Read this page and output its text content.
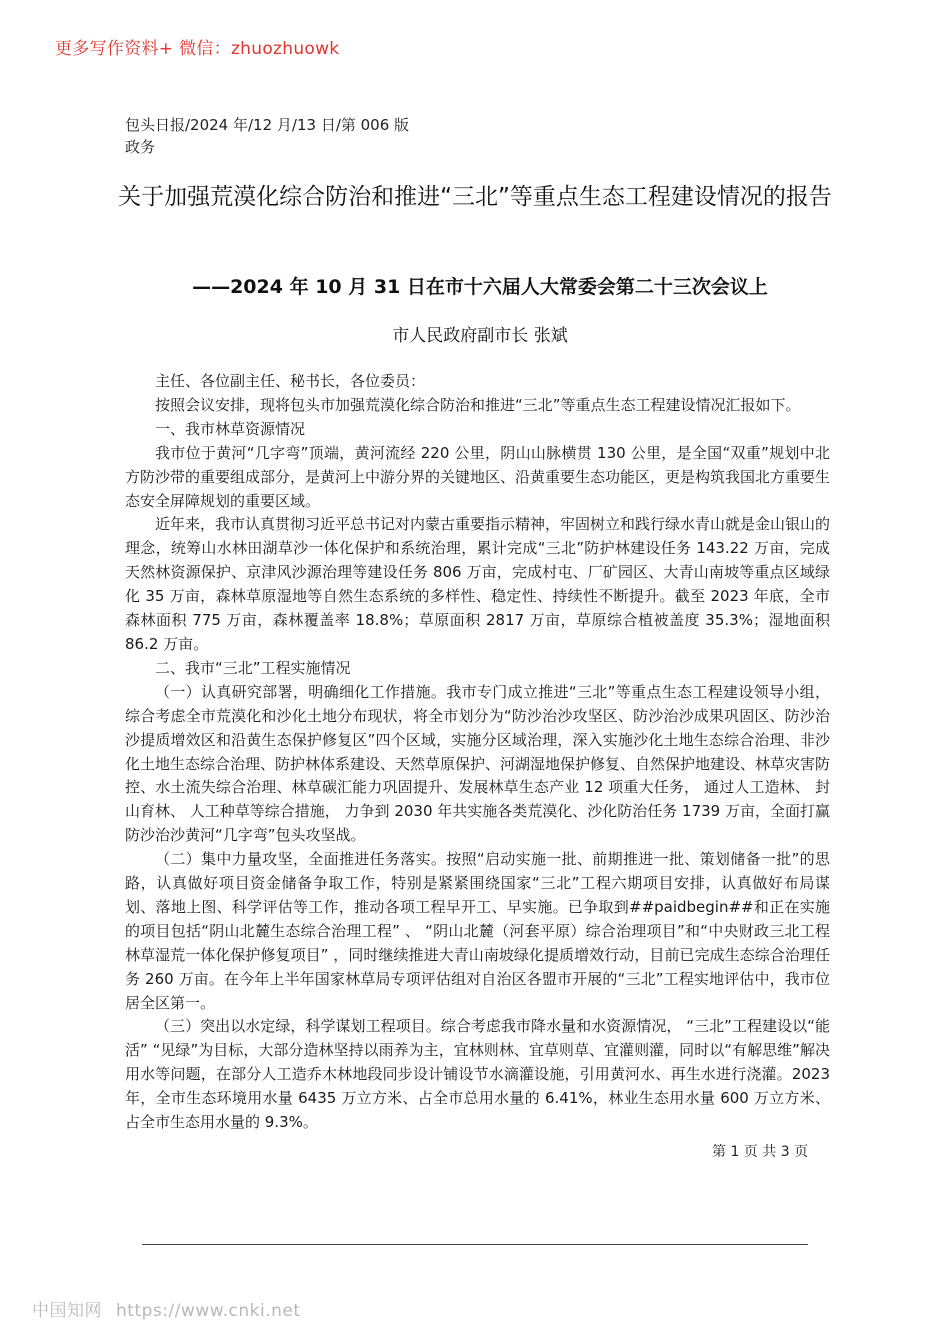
更多写作资料+ 微信：zhuozhuowk
包头日报/2024 年/12 月/13 日/第 006 版政务
关于加强荒漠化综合防治和推进“三北”等重点生态工程建设情况的报告
——2024 年 10 月 31 日在市十六届人大常委会第二十三次会议上
市人民政府副市长 张斌

主任、各位副主任、秘书长，各位委员：

按照会议安排，现将包头市加强荒漠化综合防治和推进“三北”等重点生态工程建设情况汇报如下。

一、我市林草资源情况

我市位于黄河“几字弯”顶端，黄河流经 220 公里，阴山山脉横贯 130 公里，是全国“双重”规划中北方防沙带的重要组成部分，是黄河上中游分界的关键地区、沿黄重要生态功能区，更是构筑我国北方重要生态安全屏障规划的重要区域。

近年来，我市认真贯彻习近平总书记对内蒙古重要指示精神，牢固树立和践行绿水青山就是金山银山的理念，统筹山水林田湖草沙一体化保护和系统治理，累计完成“三北”防护林建设任务 143.22 万亩，完成天然林资源保护、京津风沙源治理等建设任务 806 万亩，完成村屯、厂矿园区、大青山南坡等重点区域绿化 35 万亩，森林草原湿地等自然生态系统的多样性、稳定性、持续性不断提升。截至 2023 年底，全市森林面积 775 万亩，森林覆盖率 18.8%；草原面积 2817 万亩，草原综合植被盖度 35.3%；湿地面积 86.2 万亩。

二、我市“三北”工程实施情况

（一）认真研究部署，明确细化工作措施。我市专门成立推进“三北”等重点生态工程建设领导小组，综合考虑全市荒漠化和沙化土地分布现状，将全市划分为“防沙治沙攻坚区、防沙治沙成果巩固区、防沙治沙提质增效区和沿黄生态保护修复区”四个区域，实施分区域治理，深入实施沙化土地生态综合治理、非沙化土地生态综合治理、防护林体系建设、天然草原保护、河湖湿地保护修复、自然保护地建设、林草灾害防控、水土流失综合治理、林草碳汇能力巩固提升、发展林草生态产业 12 项重大任务， 通过人工造林、 封山育林、 人工种草等综合措施， 力争到 2030 年共实施各类荒漠化、沙化防治任务 1739 万亩，全面打赢防沙治沙黄河“几字弯”包头攻坚战。

（二）集中力量攻坚，全面推进任务落实。按照“启动实施一批、前期推进一批、策划储备一批”的思路，认真做好项目资金储备争取工作，特别是紧紧围绕国家“三北”工程六期项目安排，认真做好布局谋划、落地上图、科学评估等工作，推动各项工程早开工、早实施。已争取到##paidbegin##和正在实施的项目包括“阴山北麓生态综合治理工程” 、 “阴山北麓（河套平原）综合治理项目”和“中央财政三北工程林草湿荒一体化保护修复项目” ，同时继续推进大青山南坡绿化提质增效行动，目前已完成生态综合治理任务 260 万亩。在今年上半年国家林草局专项评估组对自治区各盟市开展的“三北”工程实地评估中，我市位居全区第一。

（三）突出以水定绿，科学谋划工程项目。综合考虑我市降水量和水资源情况， “三北”工程建设以“能活” “见绿”为目标，大部分造林坚持以雨养为主，宜林则林、宜草则草、宜灌则灌，同时以“有解思维”解决用水等问题，在部分人工造乔木林地段同步设计铺设节水滴灌设施，引用黄河水、再生水进行浇灌。2023 年，全市生态环境用水量 6435 万立方米、占全市总用水量的 6.41%，林业生态用水量 600 万立方米、占全市生态用水量的 9.3%。

第 1 页 共 3 页
中国知网 https://www.cnki.net
